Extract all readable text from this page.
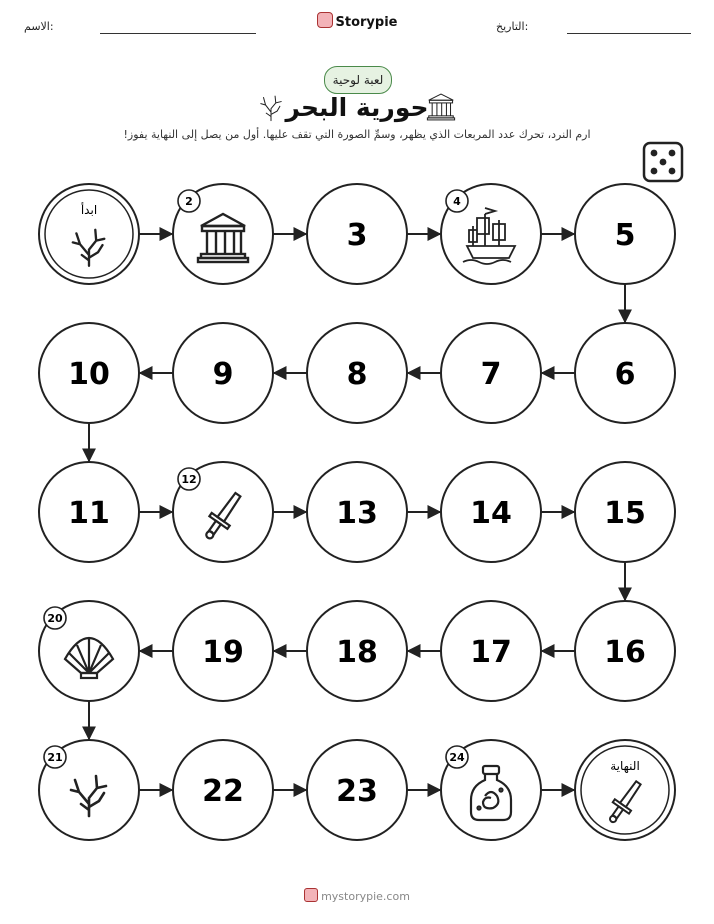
الاسم:	Storypie	التاريخ:
لعبة لوحية
حورية البحر
ارم النرد، تحرك عدد المربعات الذي يظهر، وسمِّ الصورة التي تقف عليها. أول من يصل إلى النهاية يفوز!
ابدأ
2
3
4
5
6
7
8
9
10
11
12
13	14	15
16
17
18
19
20
21
22	23
24
النهاية
mystorypie.com
